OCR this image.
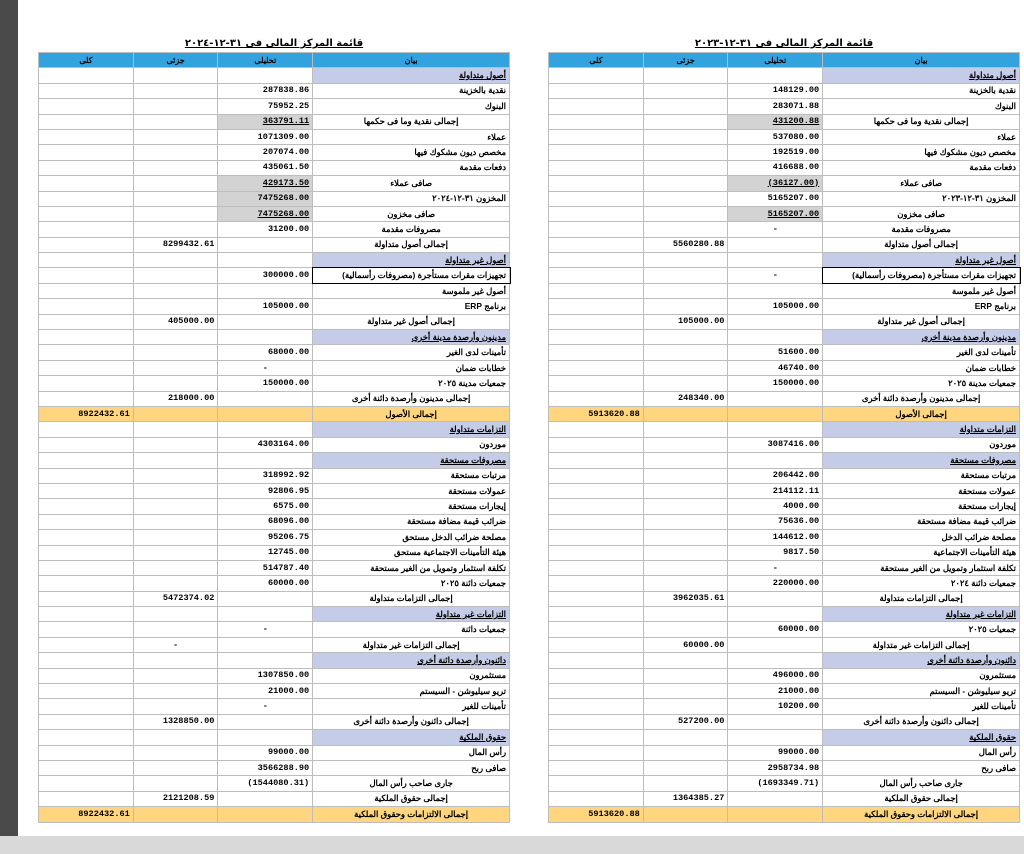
قائمة المركز المالى فى ٣١-١٢-٢٠٢٤
كلى	جزئى	تحليلى	بيان
			أصول متداولة
		287838.86	نقدية بالخزينة
		75952.25	البنوك
		363791.11	إجمالى نقدية وما فى حكمها
		1071309.00	عملاء
		207074.00	مخصص ديون مشكوك فيها
		435061.50	دفعات مقدمة
		429173.50	صافى عملاء
		7475268.00	المخزون ٣١-١٢-٢٠٢٤
		7475268.00	صافى مخزون
		31200.00	مصروفات مقدمة
	8299432.61		إجمالى أصول متداولة
			أصول غير متداولة
		300000.00	تجهيزات مقرات مستأجرة (مصروفات رأسمالية)
			أصول غير ملموسة
		105000.00	برنامج ERP
	405000.00		إجمالى أصول غير متداولة
			مدينون وأرصدة مدينة أخرى
		68000.00	تأمينات لدى الغير
		-	خطابات ضمان
		150000.00	جمعيات مدينة ٢٠٢٥
	218000.00		إجمالى مدينون وأرصدة دائنة أخرى
8922432.61			إجمالى الأصول
			التزامات متداولة
		4303164.00	موردون
			مصروفات مستحقة
		318992.92	مرتبات مستحقة
		92806.95	عمولات مستحقة
		6575.00	إيجارات مستحقة
		68096.00	ضرائب قيمة مضافة مستحقة
		95206.75	مصلحة ضرائب الدخل مستحق
		12745.00	هيئة التأمينات الاجتماعية مستحق
		514787.40	تكلفة استثمار وتمويل من الغير مستحقة
		60000.00	جمعيات دائنة ٢٠٢٥
	5472374.02		إجمالى التزامات متداولة
			التزامات غير متداولة
		-	جمعيات دائنة
	-		إجمالى التزامات غير متداولة
			دائنون وأرصدة دائنة أخرى
		1307850.00	مستثمرون
		21000.00	تريو سيليوشن - السيستم
		-	تأمينات للغير
	1328850.00		إجمالى دائنون وأرصدة دائنة أخرى
			حقوق الملكية
		99000.00	رأس المال
		3566288.90	صافى ربح
		(1544080.31)	جارى صاحب رأس المال
	2121208.59		إجمالى حقوق الملكية
8922432.61			إجمالى الالتزامات وحقوق الملكية
قائمة المركز المالى فى ٣١-١٢-٢٠٢٣
كلى	جزئى	تحليلى	بيان
			أصول متداولة
		148129.00	نقدية بالخزينة
		283071.88	البنوك
		431200.88	إجمالى نقدية وما فى حكمها
		537080.00	عملاء
		192519.00	مخصص ديون مشكوك فيها
		416688.00	دفعات مقدمة
		(36127.00)	صافى عملاء
		5165207.00	المخزون ٣١-١٢-٢٠٢٣
		5165207.00	صافى مخزون
		-	مصروفات مقدمة
	5560280.88		إجمالى أصول متداولة
			أصول غير متداولة
		-	تجهيزات مقرات مستأجرة (مصروفات رأسمالية)
			أصول غير ملموسة
		105000.00	برنامج ERP
	105000.00		إجمالى أصول غير متداولة
			مدينون وأرصدة مدينة أخرى
		51600.00	تأمينات لدى الغير
		46740.00	خطابات ضمان
		150000.00	جمعيات مدينة ٢٠٢٥
	248340.00		إجمالى مدينون وأرصدة دائنة أخرى
5913620.88			إجمالى الأصول
			التزامات متداولة
		3087416.00	موردون
			مصروفات مستحقة
		206442.00	مرتبات مستحقة
		214112.11	عمولات مستحقة
		4000.00	إيجارات مستحقة
		75636.00	ضرائب قيمة مضافة مستحقة
		144612.00	مصلحة ضرائب الدخل
		9817.50	هيئة التأمينات الاجتماعية
		-	تكلفة استثمار وتمويل من الغير مستحقة
		220000.00	جمعيات دائنة ٢٠٢٤
	3962035.61		إجمالى التزامات متداولة
			التزامات غير متداولة
		60000.00	جمعيات ٢٠٢٥
	60000.00		إجمالى التزامات غير متداولة
			دائنون وأرصدة دائنة أخرى
		496000.00	مستثمرون
		21000.00	تريو سيليوشن - السيستم
		10200.00	تأمينات للغير
	527200.00		إجمالى دائنون وأرصدة دائنة أخرى
			حقوق الملكية
		99000.00	رأس المال
		2958734.98	صافى ربح
		(1693349.71)	جارى صاحب رأس المال
	1364385.27		إجمالى حقوق الملكية
5913620.88			إجمالى الالتزامات وحقوق الملكية
